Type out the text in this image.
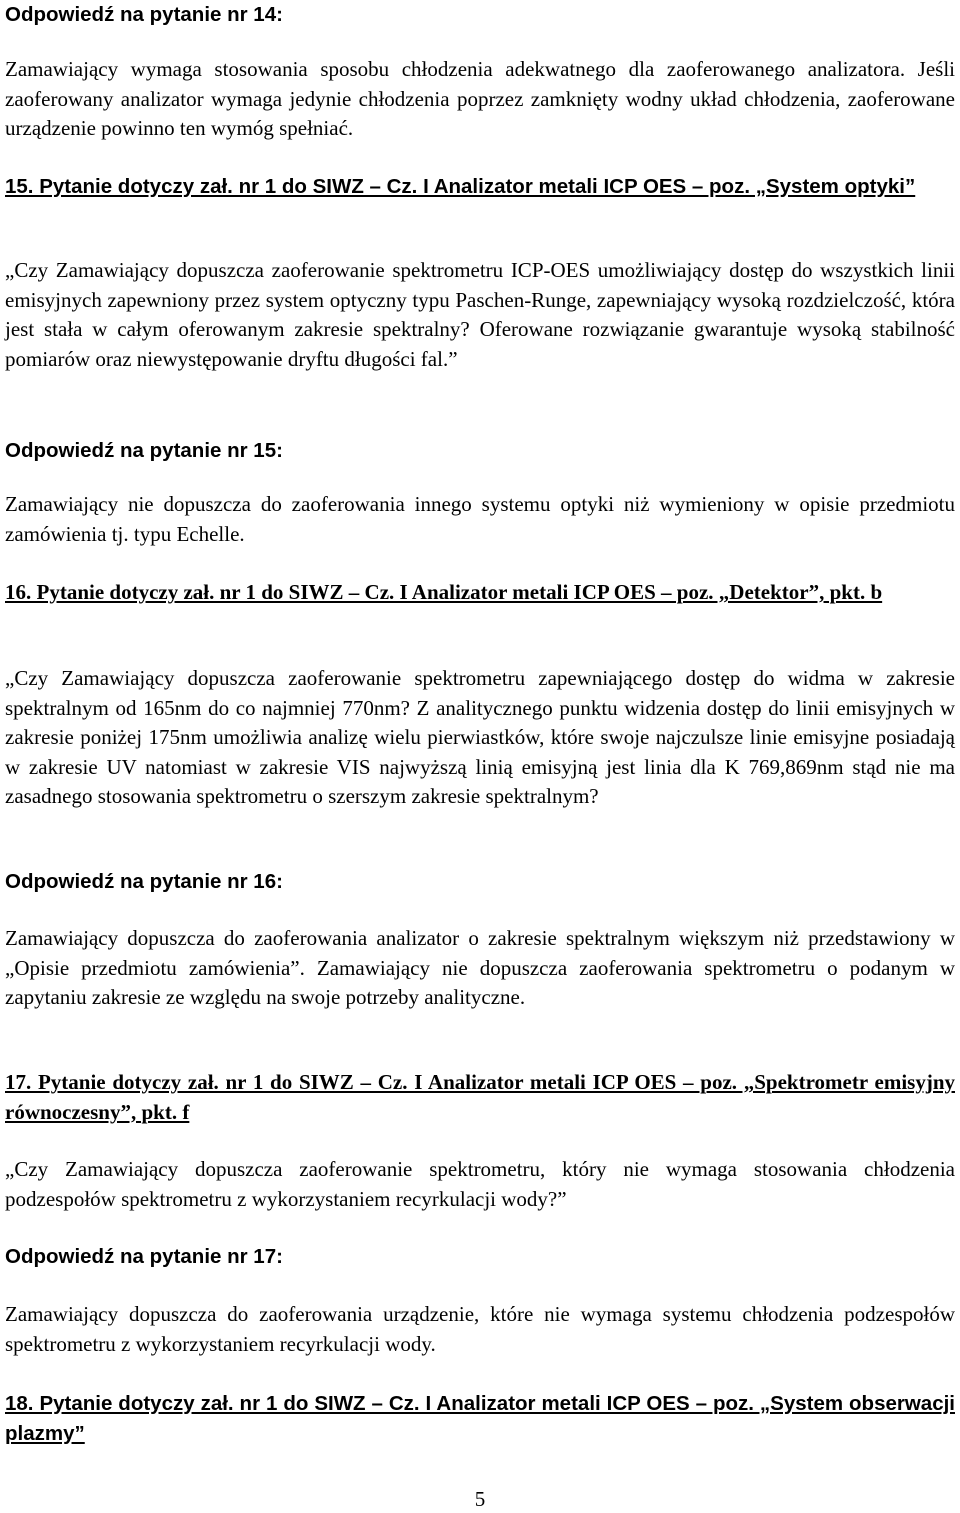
Odpowiedź na pytanie nr 14:

Zamawiający wymaga stosowania sposobu chłodzenia adekwatnego dla zaoferowanego analizatora. Jeśli zaoferowany analizator wymaga jedynie chłodzenia poprzez zamknięty wodny układ chłodzenia, zaoferowane urządzenie powinno ten wymóg spełniać.

15. Pytanie dotyczy zał. nr 1 do SIWZ – Cz. I Analizator metali ICP OES – poz. „System optyki”

„Czy Zamawiający dopuszcza zaoferowanie spektrometru ICP-OES umożliwiający dostęp do wszystkich linii emisyjnych zapewniony przez system optyczny typu Paschen-Runge, zapewniający wysoką rozdzielczość, która jest stała w całym oferowanym zakresie spektralny? Oferowane rozwiązanie gwarantuje wysoką stabilność pomiarów oraz niewystępowanie dryftu długości fal.”

Odpowiedź na pytanie nr 15:

Zamawiający nie dopuszcza do zaoferowania innego systemu optyki niż wymieniony w opisie przedmiotu zamówienia tj. typu Echelle.

16. Pytanie dotyczy zał. nr 1 do SIWZ – Cz. I Analizator metali ICP OES – poz. „Detektor”, pkt. b

„Czy Zamawiający dopuszcza zaoferowanie spektrometru zapewniającego dostęp do widma w zakresie spektralnym od 165nm do co najmniej 770nm? Z analitycznego punktu widzenia dostęp do linii emisyjnych w zakresie poniżej 175nm umożliwia analizę wielu pierwiastków, które swoje najczulsze linie emisyjne posiadają w zakresie UV natomiast w zakresie VIS najwyższą linią emisyjną jest linia dla K 769,869nm stąd nie ma zasadnego stosowania spektrometru o szerszym zakresie spektralnym?

Odpowiedź na pytanie nr 16:

Zamawiający dopuszcza do zaoferowania analizator o zakresie spektralnym większym niż przedstawiony w „Opisie przedmiotu zamówienia”. Zamawiający nie dopuszcza zaoferowania spektrometru o podanym w zapytaniu zakresie ze względu na swoje potrzeby analityczne.

17. Pytanie dotyczy zał. nr 1 do SIWZ – Cz. I Analizator metali ICP OES – poz. „Spektrometr emisyjny równoczesny”, pkt. f

„Czy Zamawiający dopuszcza zaoferowanie spektrometru, który nie wymaga stosowania chłodzenia podzespołów spektrometru z wykorzystaniem recyrkulacji wody?”

Odpowiedź na pytanie nr 17:

Zamawiający dopuszcza do zaoferowania urządzenie, które nie wymaga systemu chłodzenia podzespołów spektrometru z wykorzystaniem recyrkulacji wody.

18. Pytanie dotyczy zał. nr 1 do SIWZ – Cz. I Analizator metali ICP OES – poz. „System obserwacji plazmy”

5
